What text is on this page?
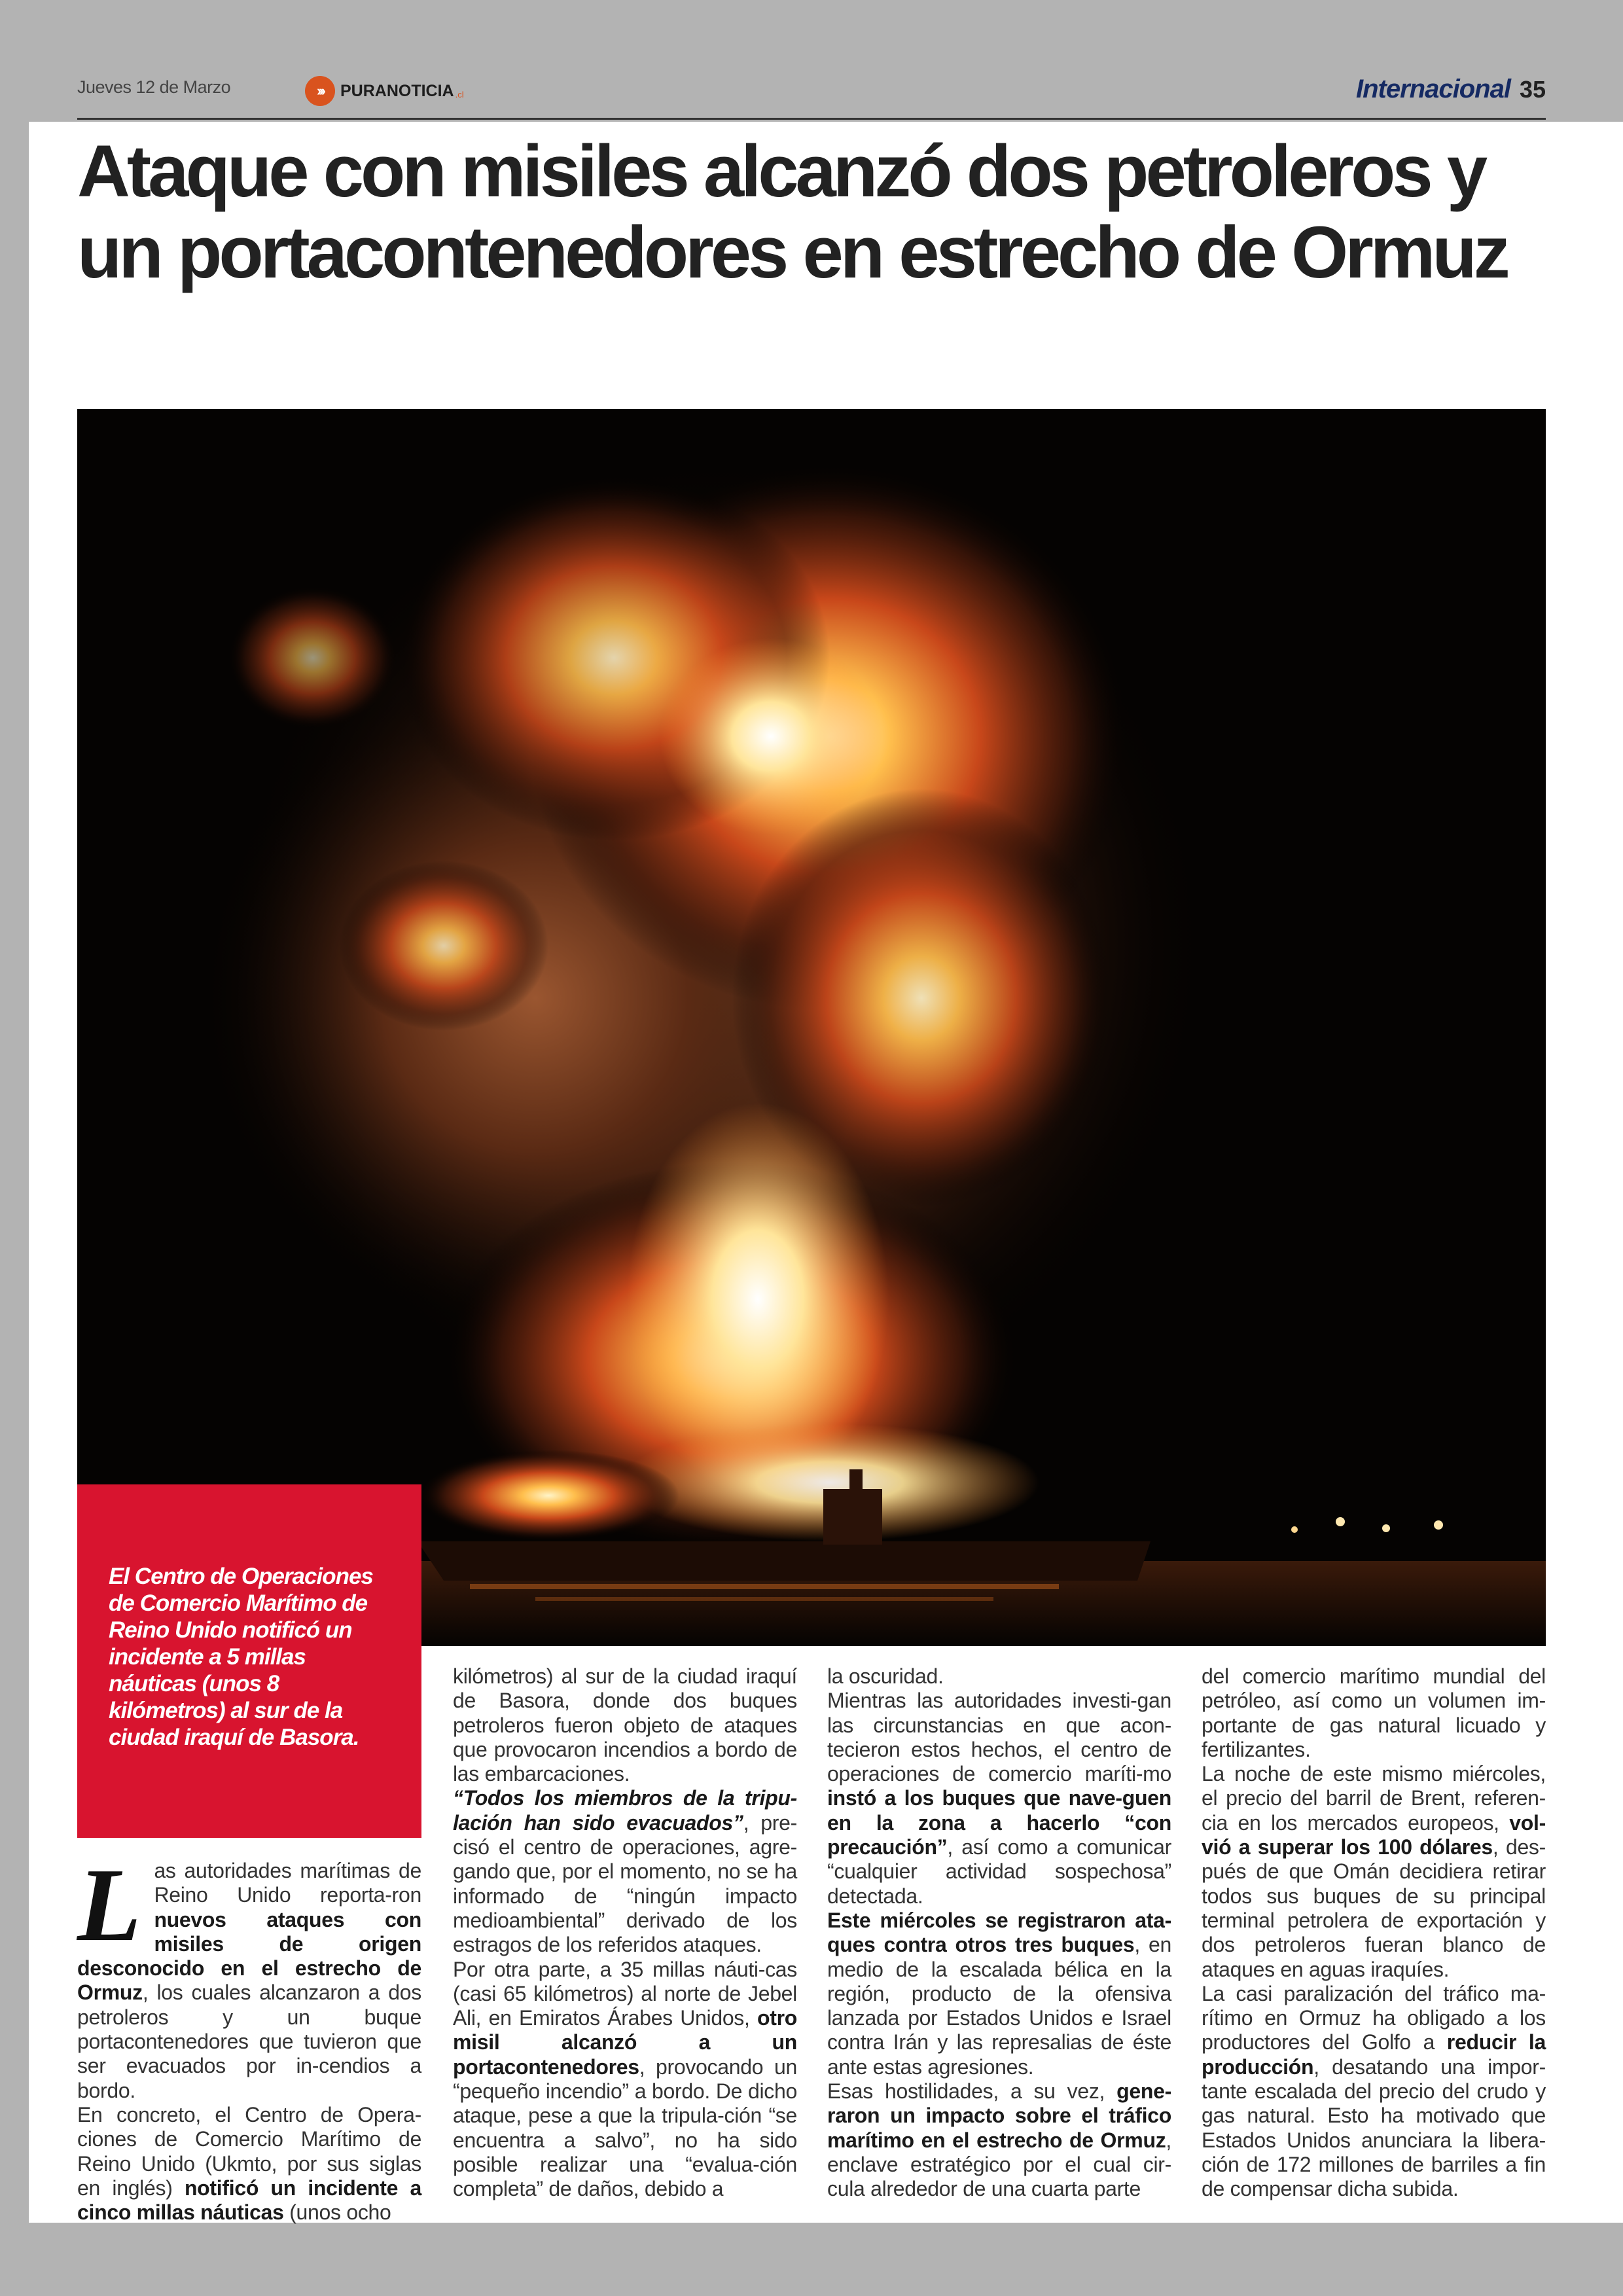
Jueves 12 de Marzo	›››	PURANOTICIA .cl	Internacional 35
Ataque con misiles alcanzó dos petroleros y un portacontenedores en estrecho de Ormuz
El Centro de Operaciones de Comercio Marítimo de Reino Unido notificó un incidente a 5 millas náuticas (unos 8 kilómetros) al sur de la ciudad iraquí de Basora.
L as autoridades marítimas de Reino Unido reporta-ron nuevos ataques con misiles de origen desconocido en el estrecho de Ormuz, los cuales alcanzaron a dos petroleros y un buque portacontenedores que tuvieron que ser evacuados por in-cendios a bordo.

En concreto, el Centro de Opera-ciones de Comercio Marítimo de Reino Unido (Ukmto, por sus siglas en inglés) notificó un incidente a cinco millas náuticas (unos ocho

kilómetros) al sur de la ciudad iraquí de Basora, donde dos buques petroleros fueron objeto de ataques que provocaron incendios a bordo de las embarcaciones.

“Todos los miembros de la tripu-lación han sido evacuados”, pre-cisó el centro de operaciones, agre-gando que, por el momento, no se ha informado de “ningún impacto medioambiental” derivado de los estragos de los referidos ataques.

Por otra parte, a 35 millas náuti-cas (casi 65 kilómetros) al norte de Jebel Ali, en Emiratos Árabes Unidos, otro misil alcanzó a un portacontenedores, provocando un “pequeño incendio” a bordo. De dicho ataque, pese a que la tripula-ción “se encuentra a salvo”, no ha sido posible realizar una “evalua-ción completa” de daños, debido a

la oscuridad.

Mientras las autoridades investi-gan las circunstancias en que acon-tecieron estos hechos, el centro de operaciones de comercio maríti-mo instó a los buques que nave-guen en la zona a hacerlo “con precaución”, así como a comunicar “cualquier actividad sospechosa” detectada.

Este miércoles se registraron ata-ques contra otros tres buques, en medio de la escalada bélica en la región, producto de la ofensiva lanzada por Estados Unidos e Israel contra Irán y las represalias de éste ante estas agresiones.

Esas hostilidades, a su vez, gene-raron un impacto sobre el tráfico marítimo en el estrecho de Ormuz, enclave estratégico por el cual cir-cula alrededor de una cuarta parte

del comercio marítimo mundial del petróleo, así como un volumen im-portante de gas natural licuado y fertilizantes.

La noche de este mismo miércoles, el precio del barril de Brent, referen-cia en los mercados europeos, vol-vió a superar los 100 dólares, des-pués de que Omán decidiera retirar todos sus buques de su principal terminal petrolera de exportación y dos petroleros fueran blanco de ataques en aguas iraquíes.

La casi paralización del tráfico ma-rítimo en Ormuz ha obligado a los productores del Golfo a reducir la producción, desatando una impor-tante escalada del precio del crudo y gas natural. Esto ha motivado que Estados Unidos anunciara la libera-ción de 172 millones de barriles a fin de compensar dicha subida.
